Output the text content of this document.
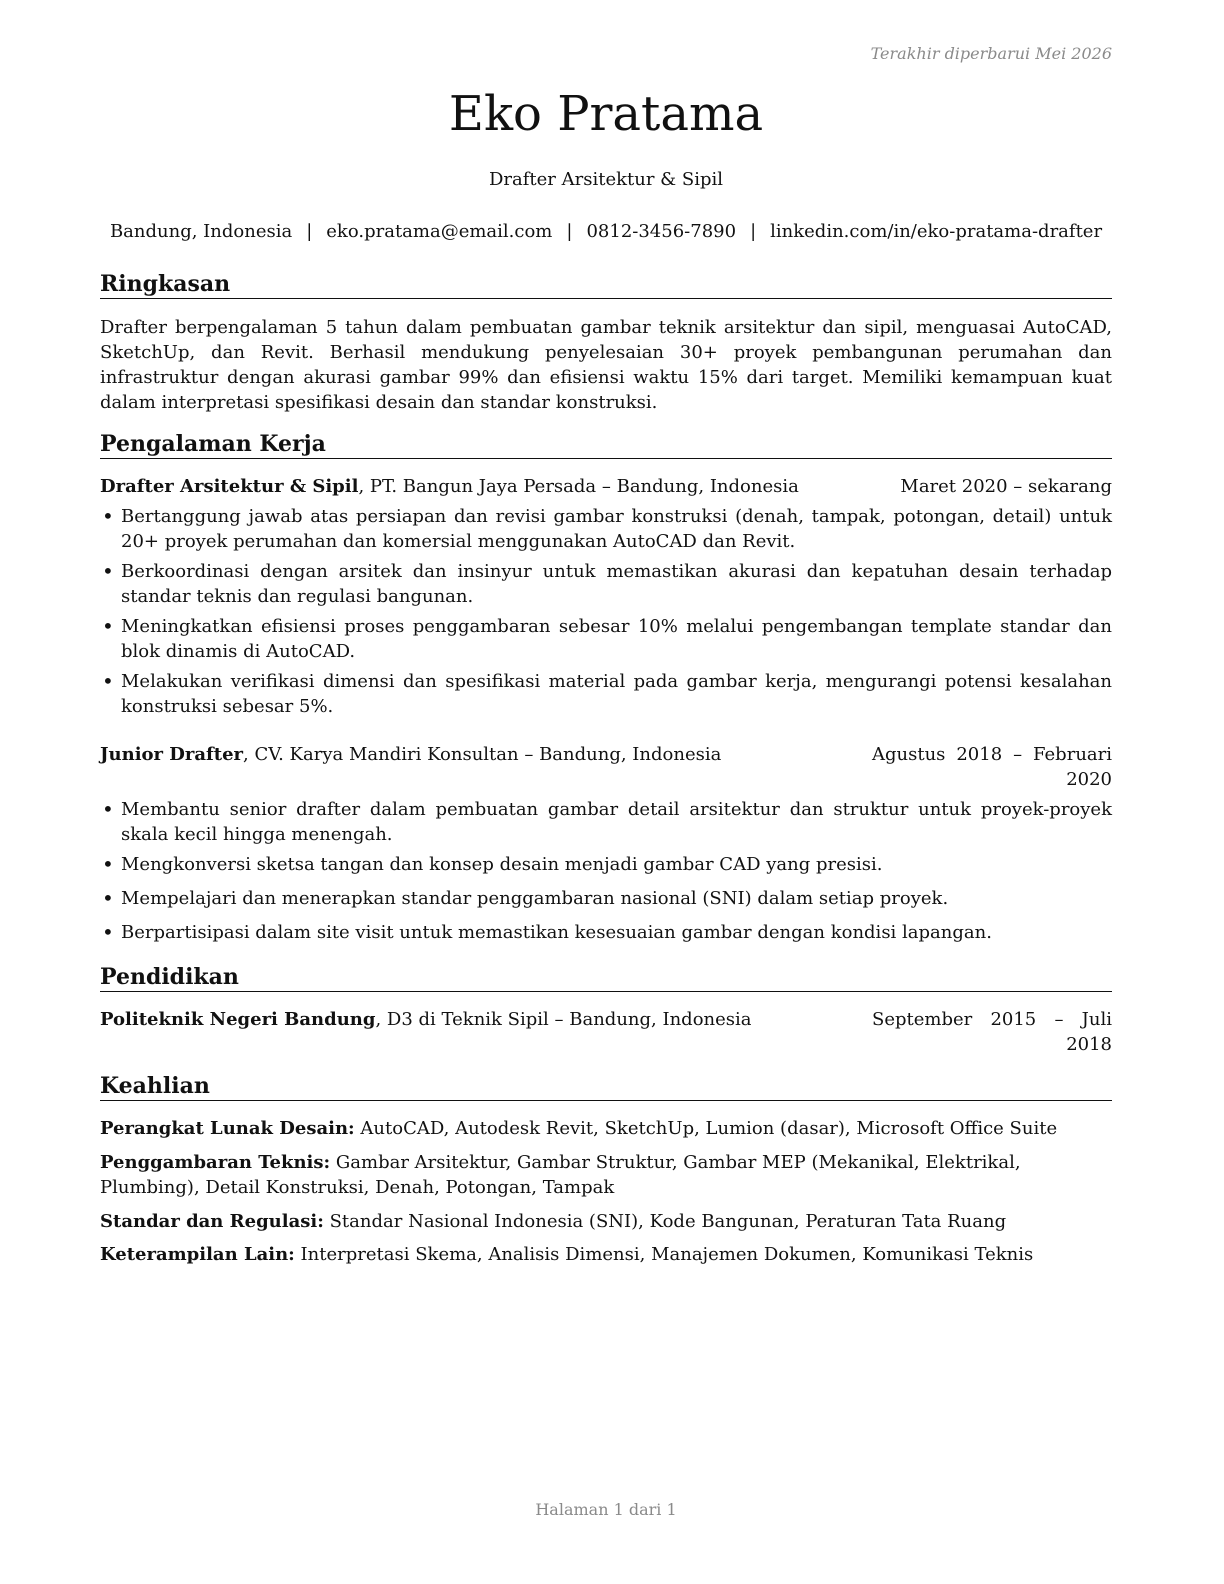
Terakhir diperbarui Mei 2026
Eko Pratama
Drafter Arsitektur & Sipil
Bandung, Indonesia | eko.pratama@email.com | 0812-3456-7890 | linkedin.com/in/eko-pratama-drafter
Ringkasan
Drafter berpengalaman 5 tahun dalam pembuatan gambar teknik arsitektur dan sipil, menguasai AutoCAD, SketchUp, dan Revit. Berhasil mendukung penyelesaian 30+ proyek pembangunan perumahan dan infrastruktur dengan akurasi gambar 99% dan efisiensi waktu 15% dari target. Memiliki kemampuan kuat dalam interpretasi spesifikasi desain dan standar konstruksi.
Pengalaman Kerja
Drafter Arsitektur & Sipil, PT. Bangun Jaya Persada – Bandung, Indonesia	Maret 2020 – sekarang
• Bertanggung jawab atas persiapan dan revisi gambar konstruksi (denah, tampak, potongan, detail) untuk 20+ proyek perumahan dan komersial menggunakan AutoCAD dan Revit.
• Berkoordinasi dengan arsitek dan insinyur untuk memastikan akurasi dan kepatuhan desain terhadap standar teknis dan regulasi bangunan.
• Meningkatkan efisiensi proses penggambaran sebesar 10% melalui pengembangan template standar dan blok dinamis di AutoCAD.
• Melakukan verifikasi dimensi dan spesifikasi material pada gambar kerja, mengurangi potensi kesalahan konstruksi sebesar 5%.
Junior Drafter, CV. Karya Mandiri Konsultan – Bandung, Indonesia	Agustus 2018 – Februari
2020
• Membantu senior drafter dalam pembuatan gambar detail arsitektur dan struktur untuk proyek-proyek skala kecil hingga menengah.
• Mengkonversi sketsa tangan dan konsep desain menjadi gambar CAD yang presisi.
• Mempelajari dan menerapkan standar penggambaran nasional (SNI) dalam setiap proyek.
• Berpartisipasi dalam site visit untuk memastikan kesesuaian gambar dengan kondisi lapangan.
Pendidikan
Politeknik Negeri Bandung, D3 di Teknik Sipil – Bandung, Indonesia	September 2015 – Juli
2018
Keahlian
Perangkat Lunak Desain: AutoCAD, Autodesk Revit, SketchUp, Lumion (dasar), Microsoft Office Suite
Penggambaran Teknis: Gambar Arsitektur, Gambar Struktur, Gambar MEP (Mekanikal, Elektrikal, Plumbing), Detail Konstruksi, Denah, Potongan, Tampak
Standar dan Regulasi: Standar Nasional Indonesia (SNI), Kode Bangunan, Peraturan Tata Ruang
Keterampilan Lain: Interpretasi Skema, Analisis Dimensi, Manajemen Dokumen, Komunikasi Teknis
Halaman 1 dari 1
